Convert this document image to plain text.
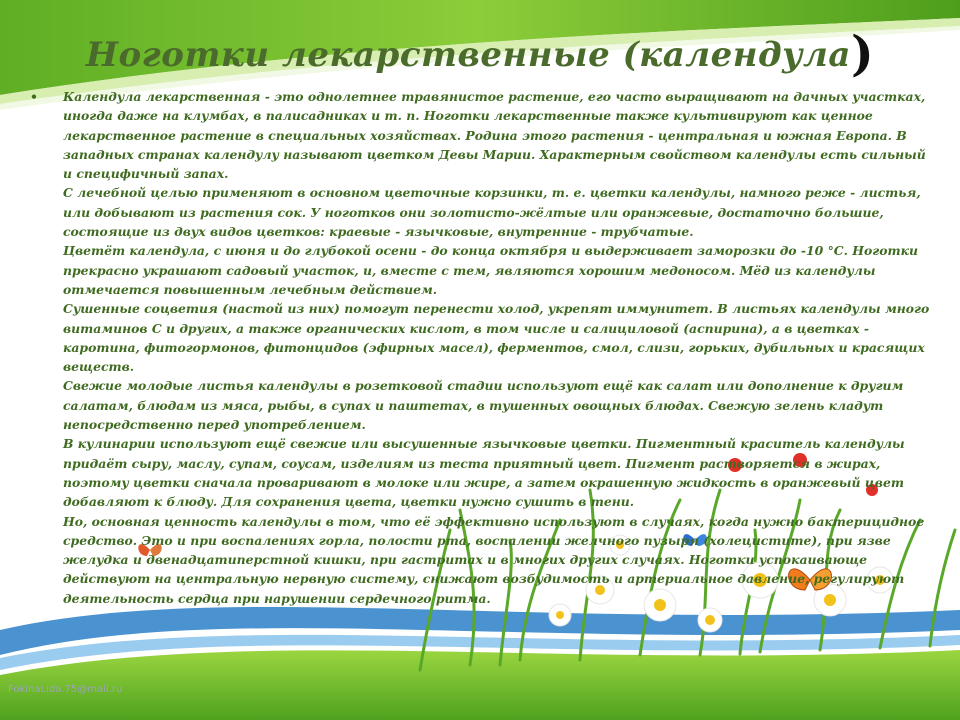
Ноготки лекарственные (календула)
• Календула лекарственная - это однолетнее травянистое растение, его часто выращивают на дачных участках, иногда даже на клумбах, в палисадниках и т. п. Ноготки лекарственные также культивируют как ценное лекарственное растение в специальных хозяйствах. Родина этого растения - центральная и южная Европа. В западных странах календулу называют цветком Девы Марии. Характерным свойством календулы есть сильный и специфичный запах.

С лечебной целью применяют в основном цветочные корзинки, т. е. цветки календулы, намного реже - листья, или добывают из растения сок. У ноготков они золотисто-жёлтые или оранжевые, достаточно большие, состоящие из двух видов цветков: краевые - язычковые, внутренние - трубчатые.

Цветёт календула, с июня и до глубокой осени - до конца октября и выдерживает заморозки до -10 °С. Ноготки прекрасно украшают садовый участок, и, вместе с тем, являются хорошим медоносом. Мёд из календулы отмечается повышенным лечебным действием.

Сушенные соцветия (настой из них) помогут перенести холод, укрепят иммунитет. В листьях календулы много витаминов С и других, а также органических кислот, в том числе и салициловой (аспирина), а в цветках - каротина, фитогормонов, фитонцидов (эфирных масел), ферментов, смол, слизи, горьких, дубильных и красящих веществ.

Свежие молодые листья календулы в розетковой стадии используют ещё как салат или дополнение к другим салатам, блюдам из мяса, рыбы, в супах и паштетах, в тушенных овощных блюдах. Свежую зелень кладут непосредственно перед употреблением.

В кулинарии используют ещё свежие или высушенные язычковые цветки. Пигментный краситель календулы придаёт сыру, маслу, супам, соусам, изделиям из теста приятный цвет. Пигмент растворяется в жирах, поэтому цветки сначала проваривают в молоке или жире, а затем окрашенную жидкость в оранжевый цвет добавляют к блюду. Для сохранения цвета, цветки нужно сушить в тени.

Но, основная ценность календулы в том, что её эффективно используют в случаях, когда нужно бактерицидное средство. Это и при воспалениях горла, полости рта, воспалении желчного пузыря (холецистите), при язве желудка и двенадцатиперстной кишки, при гастритах и в многих других случаях. Ноготки успокаивающе действуют на центральную нервную систему, снижают возбудимость и артериальное давление, регулируют деятельность сердца при нарушении сердечного ритма.

FokinaLida.75@mail.ru
